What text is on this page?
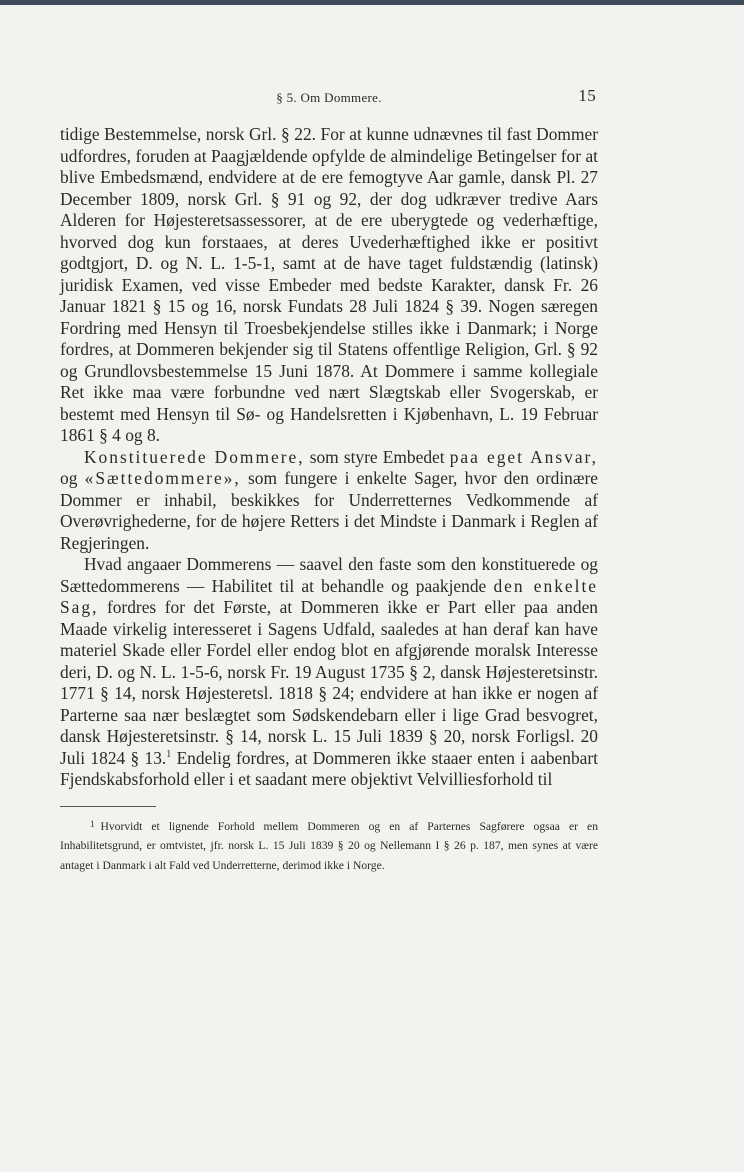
§ 5. Om Dommere.	15

tidige Bestemmelse, norsk Grl. § 22. For at kunne udnævnes til fast Dommer udfordres, foruden at Paagjældende opfylde de almindelige Betingelser for at blive Embedsmænd, endvidere at de ere femogtyve Aar gamle, dansk Pl. 27 December 1809, norsk Grl. § 91 og 92, der dog udkræver tredive Aars Alderen for Højesteretsassessorer, at de ere uberygtede og vederhæftige, hvorved dog kun forstaaes, at deres Uvederhæftighed ikke er positivt godtgjort, D. og N. L. 1-5-1, samt at de have taget fuldstændig (latinsk) juridisk Examen, ved visse Embeder med bedste Karakter, dansk Fr. 26 Januar 1821 § 15 og 16, norsk Fundats 28 Juli 1824 § 39. Nogen særegen Fordring med Hensyn til Troesbekjendelse stilles ikke i Danmark; i Norge fordres, at Dommeren bekjender sig til Statens offentlige Religion, Grl. § 92 og Grundlovsbestemmelse 15 Juni 1878. At Dommere i samme kollegiale Ret ikke maa være forbundne ved nært Slægtskab eller Svogerskab, er bestemt med Hensyn til Sø- og Handelsretten i Kjøbenhavn, L. 19 Februar 1861 § 4 og 8.

Konstituerede Dommere, som styre Embedet paa eget Ansvar, og «Sættedommere», som fungere i enkelte Sager, hvor den ordinære Dommer er inhabil, beskikkes for Underretternes Vedkommende af Overøvrighederne, for de højere Retters i det Mindste i Danmark i Reglen af Regjeringen.

Hvad angaaer Dommerens — saavel den faste som den konstituerede og Sættedommerens — Habilitet til at behandle og paakjende den enkelte Sag, fordres for det Første, at Dommeren ikke er Part eller paa anden Maade virkelig interesseret i Sagens Udfald, saaledes at han deraf kan have materiel Skade eller Fordel eller endog blot en afgjørende moralsk Interesse deri, D. og N. L. 1-5-6, norsk Fr. 19 August 1735 § 2, dansk Højesteretsinstr. 1771 § 14, norsk Højesteretsl. 1818 § 24; endvidere at han ikke er nogen af Parterne saa nær beslægtet som Sødskendebarn eller i lige Grad besvogret, dansk Højesteretsinstr. § 14, norsk L. 15 Juli 1839 § 20, norsk Forligsl. 20 Juli 1824 § 13.$^1$ Endelig fordres, at Dommeren ikke staaer enten i aabenbart Fjendskabsforhold eller i et saadant mere objektivt Velvilliesforhold til

$^1$ Hvorvidt et lignende Forhold mellem Dommeren og en af Parternes Sagførere ogsaa er en Inhabilitetsgrund, er omtvistet, jfr. norsk L. 15 Juli 1839 § 20 og Nellemann I § 26 p. 187, men synes at være antaget i Danmark i alt Fald ved Underretterne, derimod ikke i Norge.
